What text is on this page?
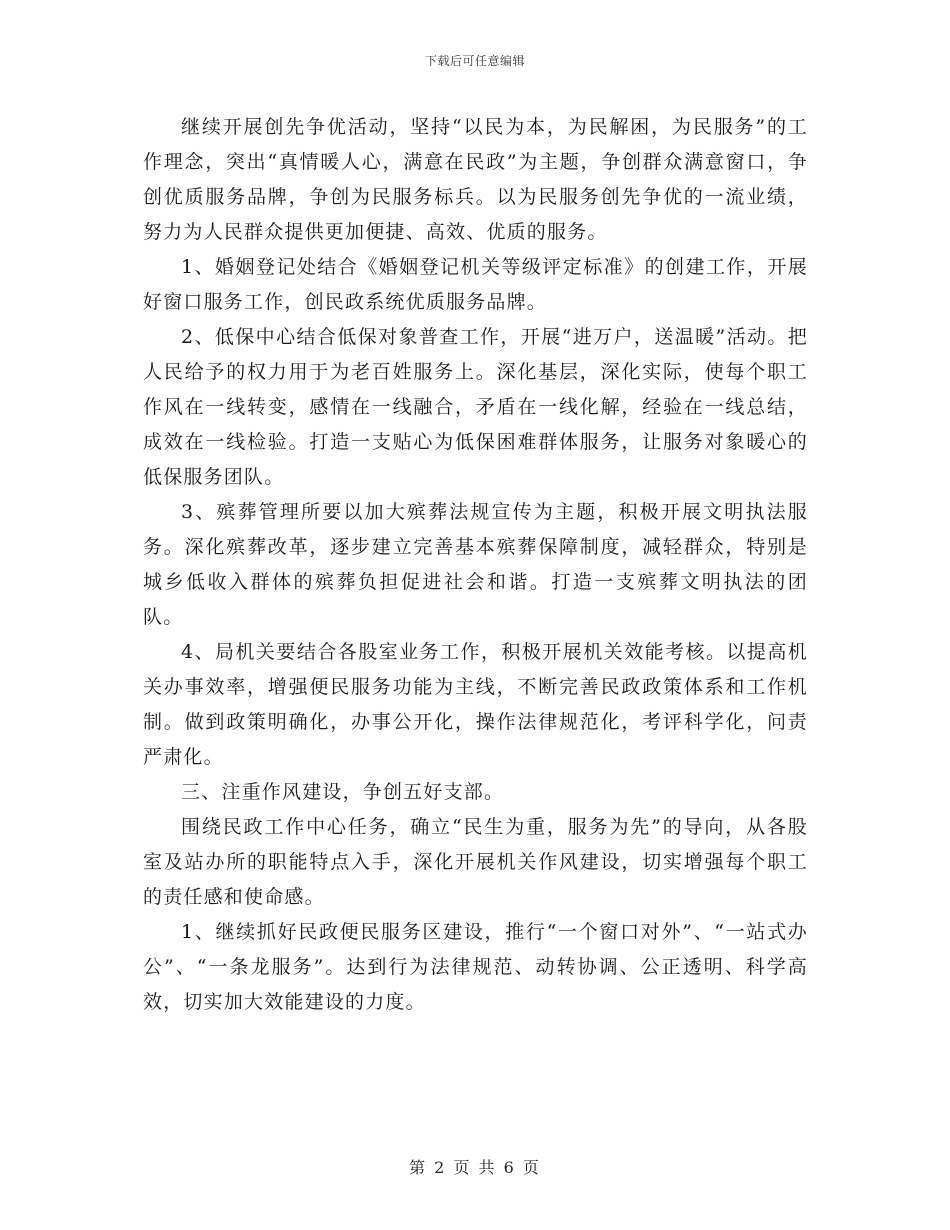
下载后可任意编辑

继续开展创先争优活动，坚持“以民为本，为民解困，为民服务”的工作理念，突出“真情暖人心，满意在民政”为主题，争创群众满意窗口，争创优质服务品牌，争创为民服务标兵。以为民服务创先争优的一流业绩，努力为人民群众提供更加便捷、高效、优质的服务。

1、婚姻登记处结合《婚姻登记机关等级评定标准》的创建工作，开展好窗口服务工作，创民政系统优质服务品牌。

2、低保中心结合低保对象普查工作，开展“进万户，送温暖”活动。把人民给予的权力用于为老百姓服务上。深化基层，深化实际，使每个职工作风在一线转变，感情在一线融合，矛盾在一线化解，经验在一线总结，成效在一线检验。打造一支贴心为低保困难群体服务，让服务对象暖心的低保服务团队。

3、殡葬管理所要以加大殡葬法规宣传为主题，积极开展文明执法服务。深化殡葬改革，逐步建立完善基本殡葬保障制度，减轻群众，特别是城乡低收入群体的殡葬负担促进社会和谐。打造一支殡葬文明执法的团队。

4、局机关要结合各股室业务工作，积极开展机关效能考核。以提高机关办事效率，增强便民服务功能为主线，不断完善民政政策体系和工作机制。做到政策明确化，办事公开化，操作法律规范化，考评科学化，问责严肃化。

三、注重作风建设，争创五好支部。

围绕民政工作中心任务，确立“民生为重，服务为先”的导向，从各股室及站办所的职能特点入手，深化开展机关作风建设，切实增强每个职工的责任感和使命感。

1、继续抓好民政便民服务区建设，推行“一个窗口对外”、“一站式办公”、“一条龙服务”。达到行为法律规范、动转协调、公正透明、科学高效，切实加大效能建设的力度。

第 2 页 共 6 页
